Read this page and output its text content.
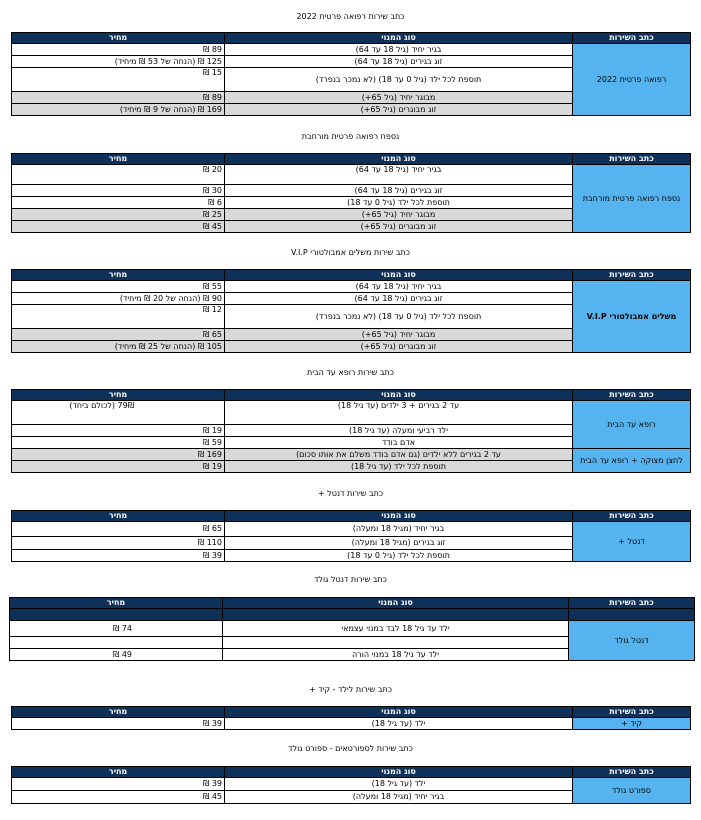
כתב שירות רפואה פרטית 2022
כתב השירות	סוג המנוי	מחיר
רפואה פרטית 2022	בגיר יחיד (גיל 18 עד 64)	89 ₪
	זוג בגירים (גיל 18 עד 64)	125 ₪ (הנחה של 53 ₪ מיחיד)
	תוספת לכל ילד (גיל 0 עד 18) (לא נמכר בנפרד)	15 ₪
	מבוגר יחיד (גיל 65+)	89 ₪
	זוג מבוגרים (גיל 65+)	169 ₪ (הנחה של 9 ₪ מיחיד)
נספח רפואה פרטית מורחבת
כתב השירות	סוג המנוי	מחיר
נספח רפואה פרטית מורחבת	בגיר יחיד (גיל 18 עד 64)	20 ₪
	זוג בגירים (גיל 18 עד 64)	30 ₪
	תוספת לכל ילד (גיל 0 עד 18)	6 ₪
	מבוגר יחיד (גיל 65+)	25 ₪
	זוג מבוגרים (גיל 65+)	45 ₪
כתב שירות משלים אמבולטורי V.I.P
כתב השירות	סוג המנוי	מחיר
משלים אמבולטורי V.I.P	בגיר יחיד (גיל 18 עד 64)	55 ₪
	זוג בגירים (גיל 18 עד 64)	90 ₪ (הנחה של 20 ₪ מיחיד)
	תוספת לכל ילד (גיל 0 עד 18) (לא נמכר בנפרד)	12 ₪
	מבוגר יחיד (גיל 65+)	65 ₪
	זוג מבוגרים (גיל 65+)	105 ₪ (הנחה של 25 ₪ מיחיד)
כתב שירות רופא עד הבית
כתב השירות	סוג המנוי	מחיר
רופא עד הבית	עד 2 בגירים + 3 ילדים (עד גיל 18)	79₪ (לכולם ביחד)
	ילד רביעי ומעלה (עד גיל 18)	19 ₪
	אדם בודד	59 ₪
לחצן מצוקה + רופא עד הבית	עד 2 בגירים ללא ילדים (גם אדם בודד משלם את אותו סכום)	169 ₪
	תוספת לכל ילד (עד גיל 18)	19 ₪
כתב שירות דנטל +
כתב השירות	סוג המנוי	מחיר
דנטל +	בגיר יחיד (מגיל 18 ומעלה)	65 ₪
	זוג בגירים (מגיל 18 ומעלה)	110 ₪
	תוספת לכל ילד (גיל 0 עד 18)	39 ₪
כתב שירות דנטל גולד
כתב השירות	סוג המנוי	מחיר

דנטל גולד	ילד עד גיל 18 לבד במנוי עצמאי	74 ₪

	ילד עד גיל 18 במנוי הורה	49 ₪
כתב שירות לילד - קיד +
כתב השירות	סוג המנוי	מחיר
קיד +	ילד (עד גיל 18)	39 ₪
כתב שירות לספורטאים - ספורט גולד
כתב השירות	סוג המנוי	מחיר
ספורט גולד	ילד (עד גיל 18)	39 ₪
	בגיר יחיד (מגיל 18 ומעלה)	45 ₪
